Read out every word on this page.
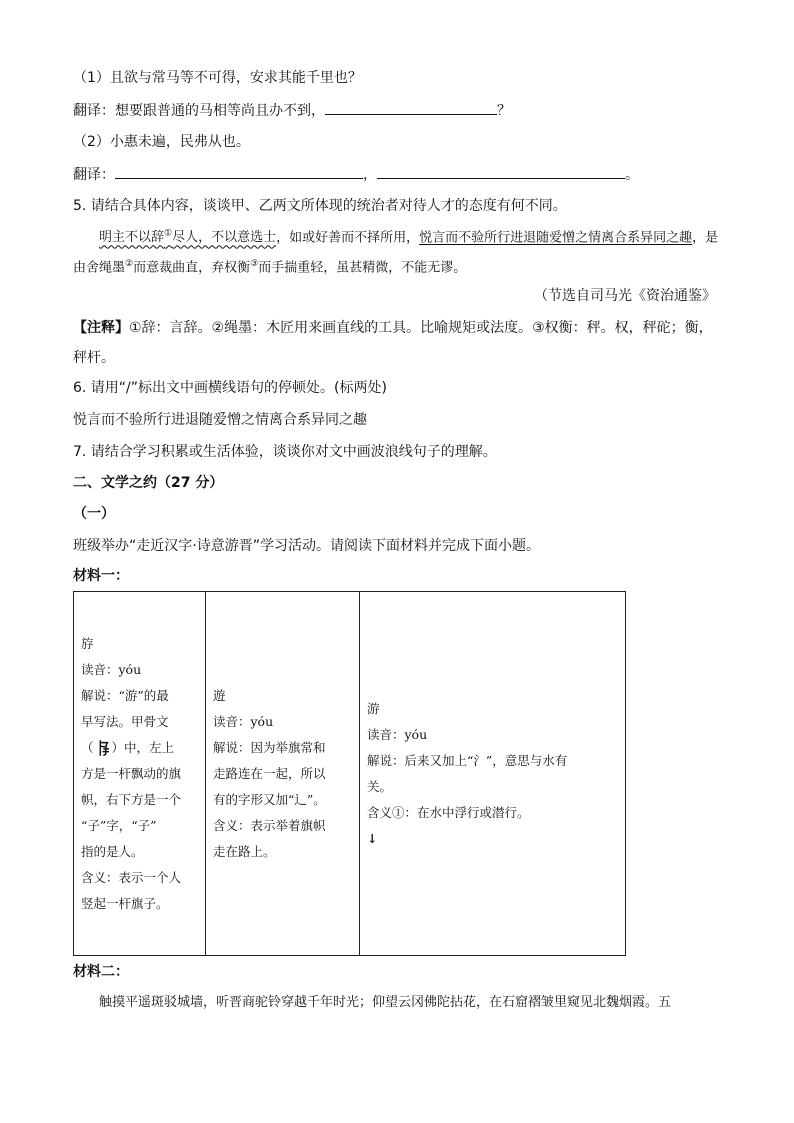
（1）且欲与常马等不可得，安求其能千里也？
翻译：想要跟普通的马相等尚且办不到，	？
（2）小惠未遍，民弗从也。
翻译：	，	。
5. 请结合具体内容，谈谈甲、乙两文所体现的统治者对待人才的态度有何不同。
明主不以辞①尽人，不以意选士，如或好善而不择所用，悦言而不验所行进退随爱憎之情离合系异同之趣，是由舍绳墨②而意裁曲直，弃权衡③而手揣重轻，虽甚精微，不能无谬。
（节选自司马光《资治通鉴》
【注释】①辞：言辞。②绳墨：木匠用来画直线的工具。比喻规矩或法度。③权衡：秤。权，秤砣；衡，
秤杆。
6. 请用“/”标出文中画横线语句的停顿处。(标两处)
悦言而不验所行进退随爱憎之情离合系异同之趣
7. 请结合学习积累或生活体验，谈谈你对文中画波浪线句子的理解。
二、文学之约（27 分）
（一）
班级举办“走近汉字·诗意游晋”学习活动。请阅读下面材料并完成下面小题。
材料一：
斿
读音：yóu
解说：“游”的最
早写法。甲骨文
（ ）中，左上
方是一杆飘动的旗
帜，右下方是一个
“子”字，“子”
指的是人。
含义：表示一个人
竖起一杆旗子。

遊
读音：yóu
解说：因为举旗常和
走路连在一起，所以
有的字形又加“辶”。
含义：表示举着旗帜
走在路上。

游
读音：yóu
解说：后来又加上“氵”，意思与水有
关。
含义①：在水中浮行或潜行。
↓
材料二：
触摸平遥斑驳城墙，听晋商驼铃穿越千年时光；仰望云冈佛陀拈花，在石窟褶皱里窥见北魏烟霞。五
